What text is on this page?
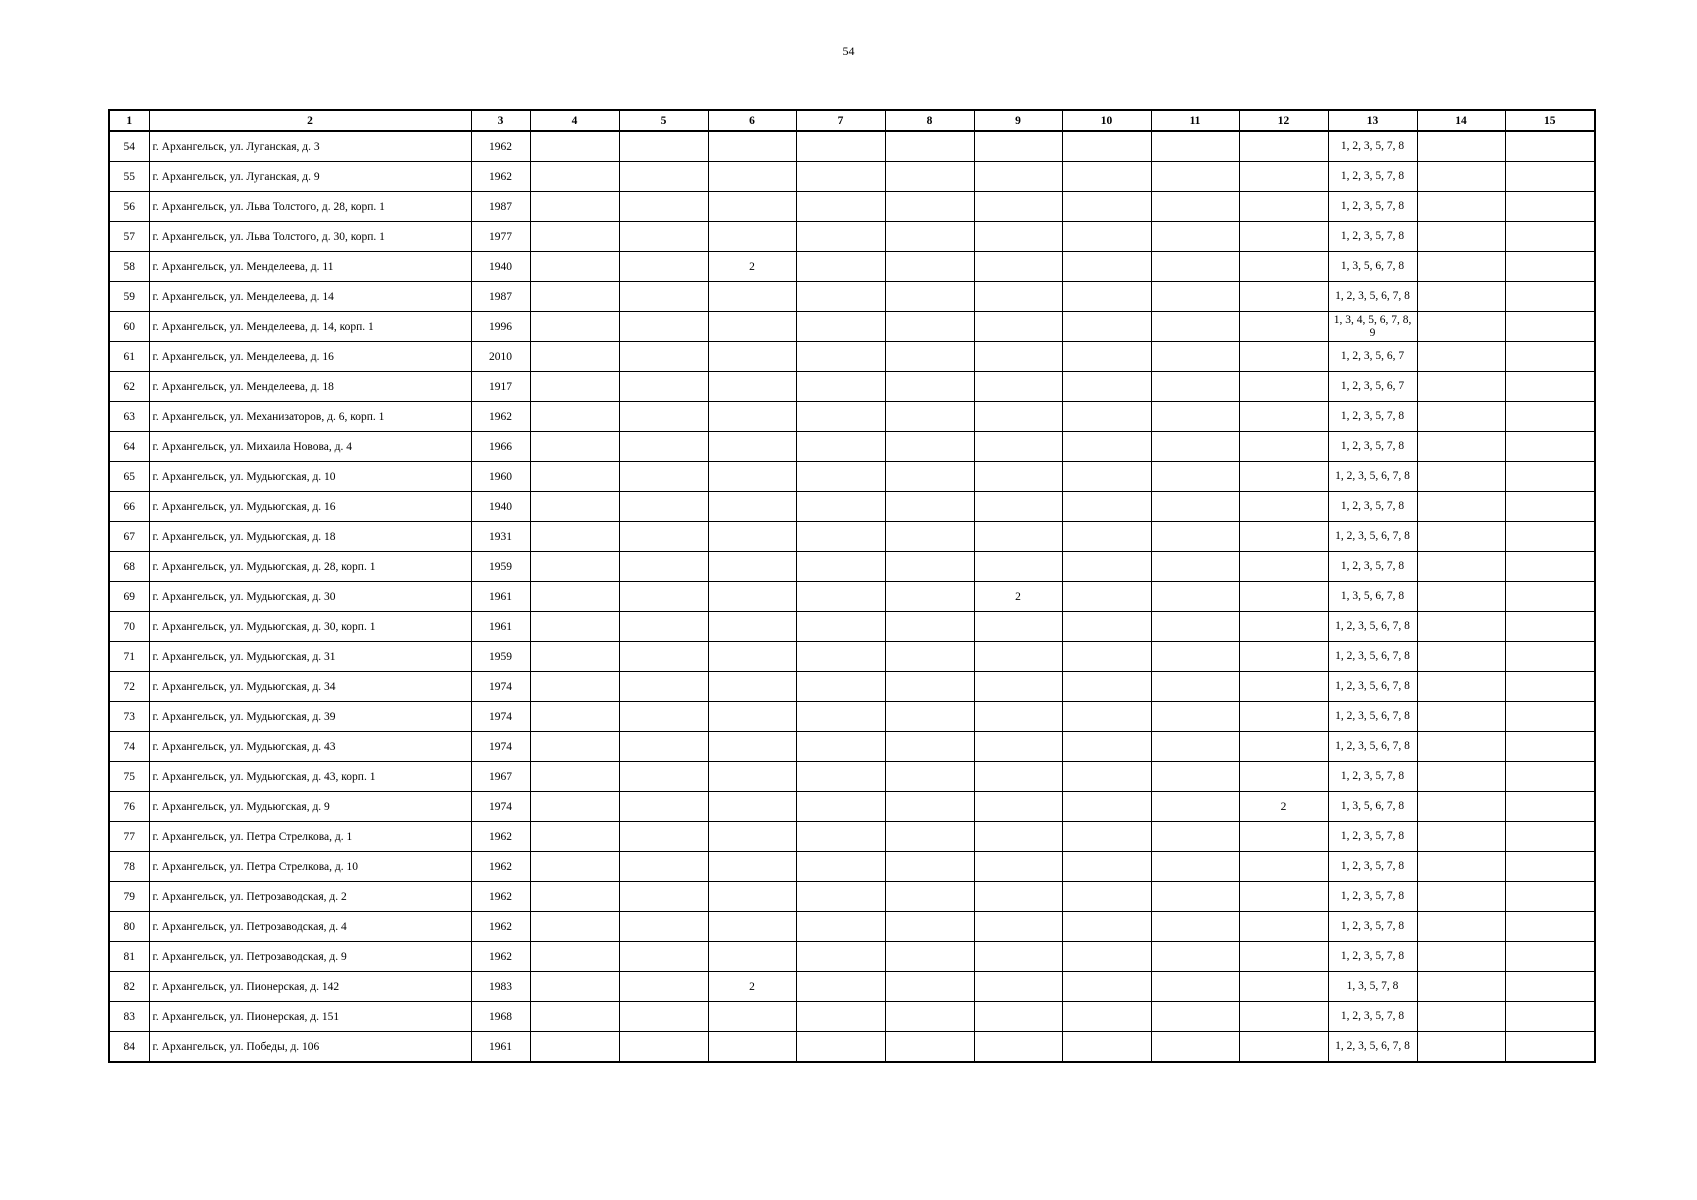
54
1	2	3	4	5	6	7	8	9	10	11	12	13	14	15
54	г. Архангельск, ул. Луганская, д. 3	1962										1, 2, 3, 5, 7, 8		
55	г. Архангельск, ул. Луганская, д. 9	1962										1, 2, 3, 5, 7, 8		
56	г. Архангельск, ул. Льва Толстого, д. 28, корп. 1	1987										1, 2, 3, 5, 7, 8		
57	г. Архангельск, ул. Льва Толстого, д. 30, корп. 1	1977										1, 2, 3, 5, 7, 8		
58	г. Архангельск, ул. Менделеева, д. 11	1940			2							1, 3, 5, 6, 7, 8		
59	г. Архангельск, ул. Менделеева, д. 14	1987										1, 2, 3, 5, 6, 7, 8		
60	г. Архангельск, ул. Менделеева, д. 14, корп. 1	1996										1, 3, 4, 5, 6, 7, 8, 9		
61	г. Архангельск, ул. Менделеева, д. 16	2010										1, 2, 3, 5, 6, 7		
62	г. Архангельск, ул. Менделеева, д. 18	1917										1, 2, 3, 5, 6, 7		
63	г. Архангельск, ул. Механизаторов, д. 6, корп. 1	1962										1, 2, 3, 5, 7, 8		
64	г. Архангельск, ул. Михаила Новова, д. 4	1966										1, 2, 3, 5, 7, 8		
65	г. Архангельск, ул. Мудьюгская, д. 10	1960										1, 2, 3, 5, 6, 7, 8		
66	г. Архангельск, ул. Мудьюгская, д. 16	1940										1, 2, 3, 5, 7, 8		
67	г. Архангельск, ул. Мудьюгская, д. 18	1931										1, 2, 3, 5, 6, 7, 8		
68	г. Архангельск, ул. Мудьюгская, д. 28, корп. 1	1959										1, 2, 3, 5, 7, 8		
69	г. Архангельск, ул. Мудьюгская, д. 30	1961						2				1, 3, 5, 6, 7, 8		
70	г. Архангельск, ул. Мудьюгская, д. 30, корп. 1	1961										1, 2, 3, 5, 6, 7, 8		
71	г. Архангельск, ул. Мудьюгская, д. 31	1959										1, 2, 3, 5, 6, 7, 8		
72	г. Архангельск, ул. Мудьюгская, д. 34	1974										1, 2, 3, 5, 6, 7, 8		
73	г. Архангельск, ул. Мудьюгская, д. 39	1974										1, 2, 3, 5, 6, 7, 8		
74	г. Архангельск, ул. Мудьюгская, д. 43	1974										1, 2, 3, 5, 6, 7, 8		
75	г. Архангельск, ул. Мудьюгская, д. 43, корп. 1	1967										1, 2, 3, 5, 7, 8		
76	г. Архангельск, ул. Мудьюгская, д. 9	1974									2	1, 3, 5, 6, 7, 8		
77	г. Архангельск, ул. Петра Стрелкова, д. 1	1962										1, 2, 3, 5, 7, 8		
78	г. Архангельск, ул. Петра Стрелкова, д. 10	1962										1, 2, 3, 5, 7, 8		
79	г. Архангельск, ул. Петрозаводская, д. 2	1962										1, 2, 3, 5, 7, 8		
80	г. Архангельск, ул. Петрозаводская, д. 4	1962										1, 2, 3, 5, 7, 8		
81	г. Архангельск, ул. Петрозаводская, д. 9	1962										1, 2, 3, 5, 7, 8		
82	г. Архангельск, ул. Пионерская, д. 142	1983			2							1, 3, 5, 7, 8		
83	г. Архангельск, ул. Пионерская, д. 151	1968										1, 2, 3, 5, 7, 8		
84	г. Архангельск, ул. Победы, д. 106	1961										1, 2, 3, 5, 6, 7, 8		
